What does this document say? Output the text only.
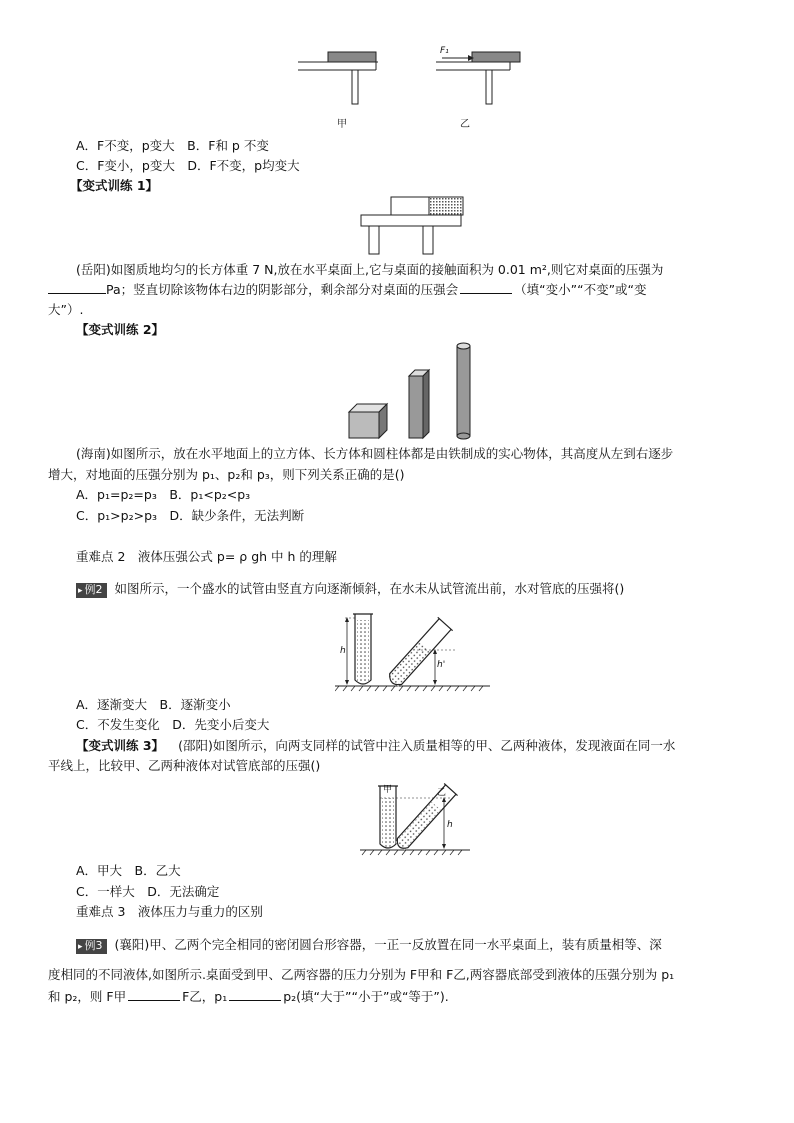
F₁
甲	乙
A．F不变，p变大　B．F和 p 不变
C．F变小，p变大　D．F不变，p均变大
【变式训练 1】
(岳阳)如图质地均匀的长方体重 7 N,放在水平桌面上,它与桌面的接触面积为 0.01 m²,则它对桌面的压强为
Pa；竖直切除该物体右边的阴影部分，剩余部分对桌面的压强会	（填“变小”“不变”或“变
大”）.
【变式训练 2】
(海南)如图所示，放在水平地面上的立方体、长方体和圆柱体都是由铁制成的实心物体，其高度从左到右逐步
增大，对地面的压强分别为 p₁、p₂和 p₃，则下列关系正确的是()
A．p₁=p₂=p₃　B．p₁<p₂<p₃
C．p₁>p₂>p₃　D．缺少条件，无法判断
重难点 2　液体压强公式 p= ρ gh 中 h 的理解
▸ 例2 如图所示，一个盛水的试管由竖直方向逐渐倾斜，在水未从试管流出前，水对管底的压强将()
h
h'
A．逐渐变大　B．逐渐变小
C．不发生变化　D．先变小后变大
【变式训练 3】 (邵阳)如图所示，向两支同样的试管中注入质量相等的甲、乙两种液体，发现液面在同一水
平线上，比较甲、乙两种液体对试管底部的压强()
甲	乙
h
A．甲大　B．乙大
C．一样大　D．无法确定
重难点 3　液体压力与重力的区别
▸ 例3 (襄阳)甲、乙两个完全相同的密闭圆台形容器，一正一反放置在同一水平桌面上，装有质量相等、深
度相同的不同液体,如图所示.桌面受到甲、乙两容器的压力分别为 F甲和 F乙,两容器底部受到液体的压强分别为 p₁
和 p₂，则 F甲	F乙，p₁	p₂(填“大于”“小于”或“等于”).
